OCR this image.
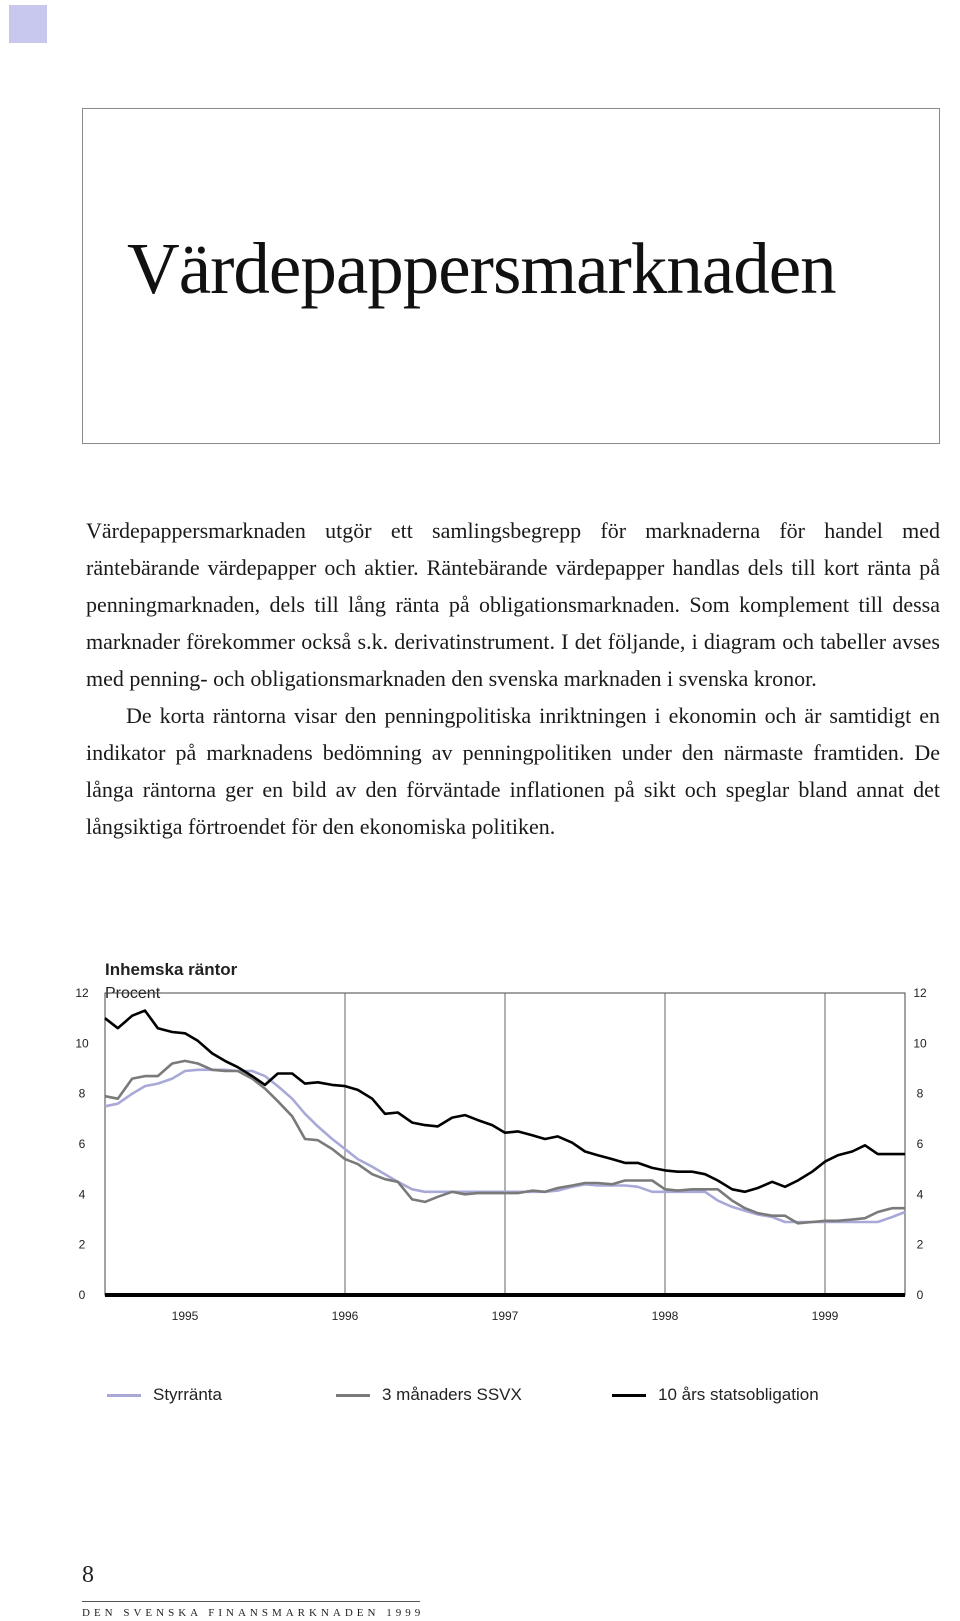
Värdepappersmarknaden

Värdepappersmarknaden utgör ett samlingsbegrepp för marknaderna för handel med räntebärande värdepapper och aktier. Räntebärande värdepapper handlas dels till kort ränta på penningmarknaden, dels till lång ränta på obligationsmarknaden. Som komplement till dessa marknader förekommer också s.k. derivatinstrument. I det följande, i diagram och tabeller avses med penning- och obligationsmarknaden den svenska marknaden i svenska kronor.

De korta räntorna visar den penningpolitiska inriktningen i ekonomin och är samtidigt en indikator på marknadens bedömning av penningpolitiken under den närmaste framtiden. De långa räntorna ger en bild av den förväntade inflationen på sikt och speglar bland annat det långsiktiga förtroendet för den ekonomiska politiken.

Inhemska räntor
Procent
1995	1996	1997	1998	1999
0	0
2	2
4	4
6	6
8	8
10	10
12	12
Styrränta	3 månaders SSVX	10 års statsobligation
8
DEN SVENSKA FINANSMARKNADEN 1999
